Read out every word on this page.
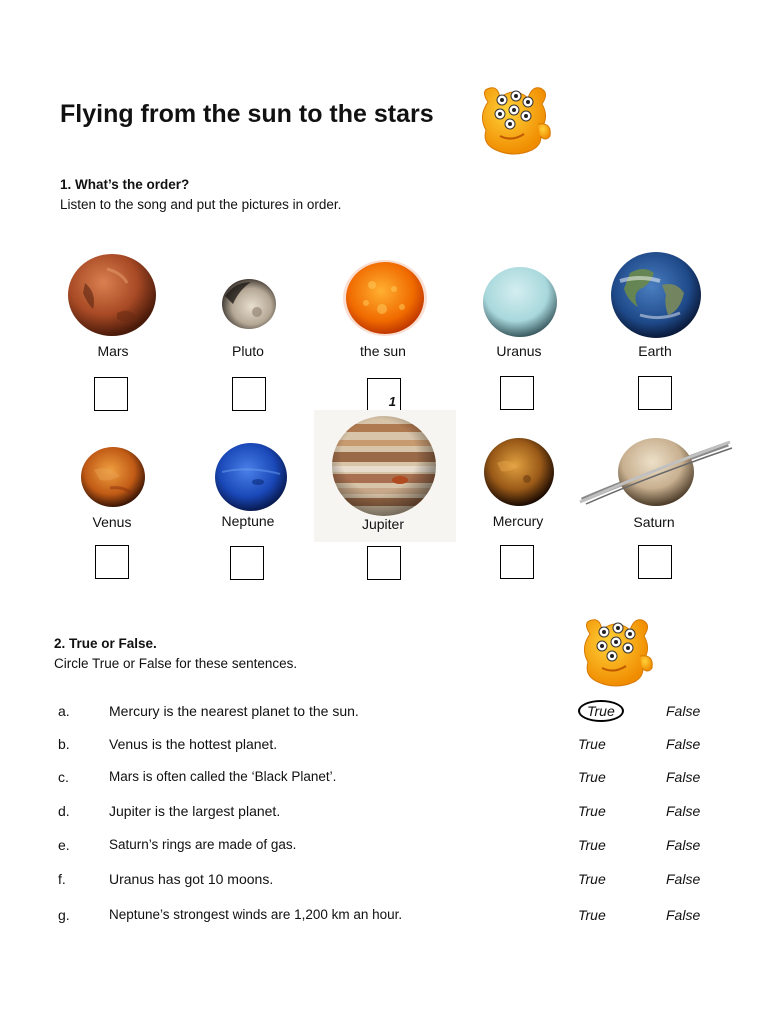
Flying from the sun to the stars
1. What’s the order?
Listen to the song and put the pictures in order.
Mars	Pluto	the sun	Uranus	Earth
1
Venus	Neptune	Jupiter	Mercury	Saturn
2. True or False.
Circle True or False for these sentences.
a.	Mercury is the nearest planet to the sun.	True	False
b.	Venus is the hottest planet.	True	False
c.	Mars is often called the ‘Black Planet’.	True	False
d.	Jupiter is the largest planet.	True	False
e.	Saturn’s rings are made of gas.	True	False
f.	Uranus has got 10 moons.	True	False
g.	Neptune’s strongest winds are 1,200 km an hour.	True	False
